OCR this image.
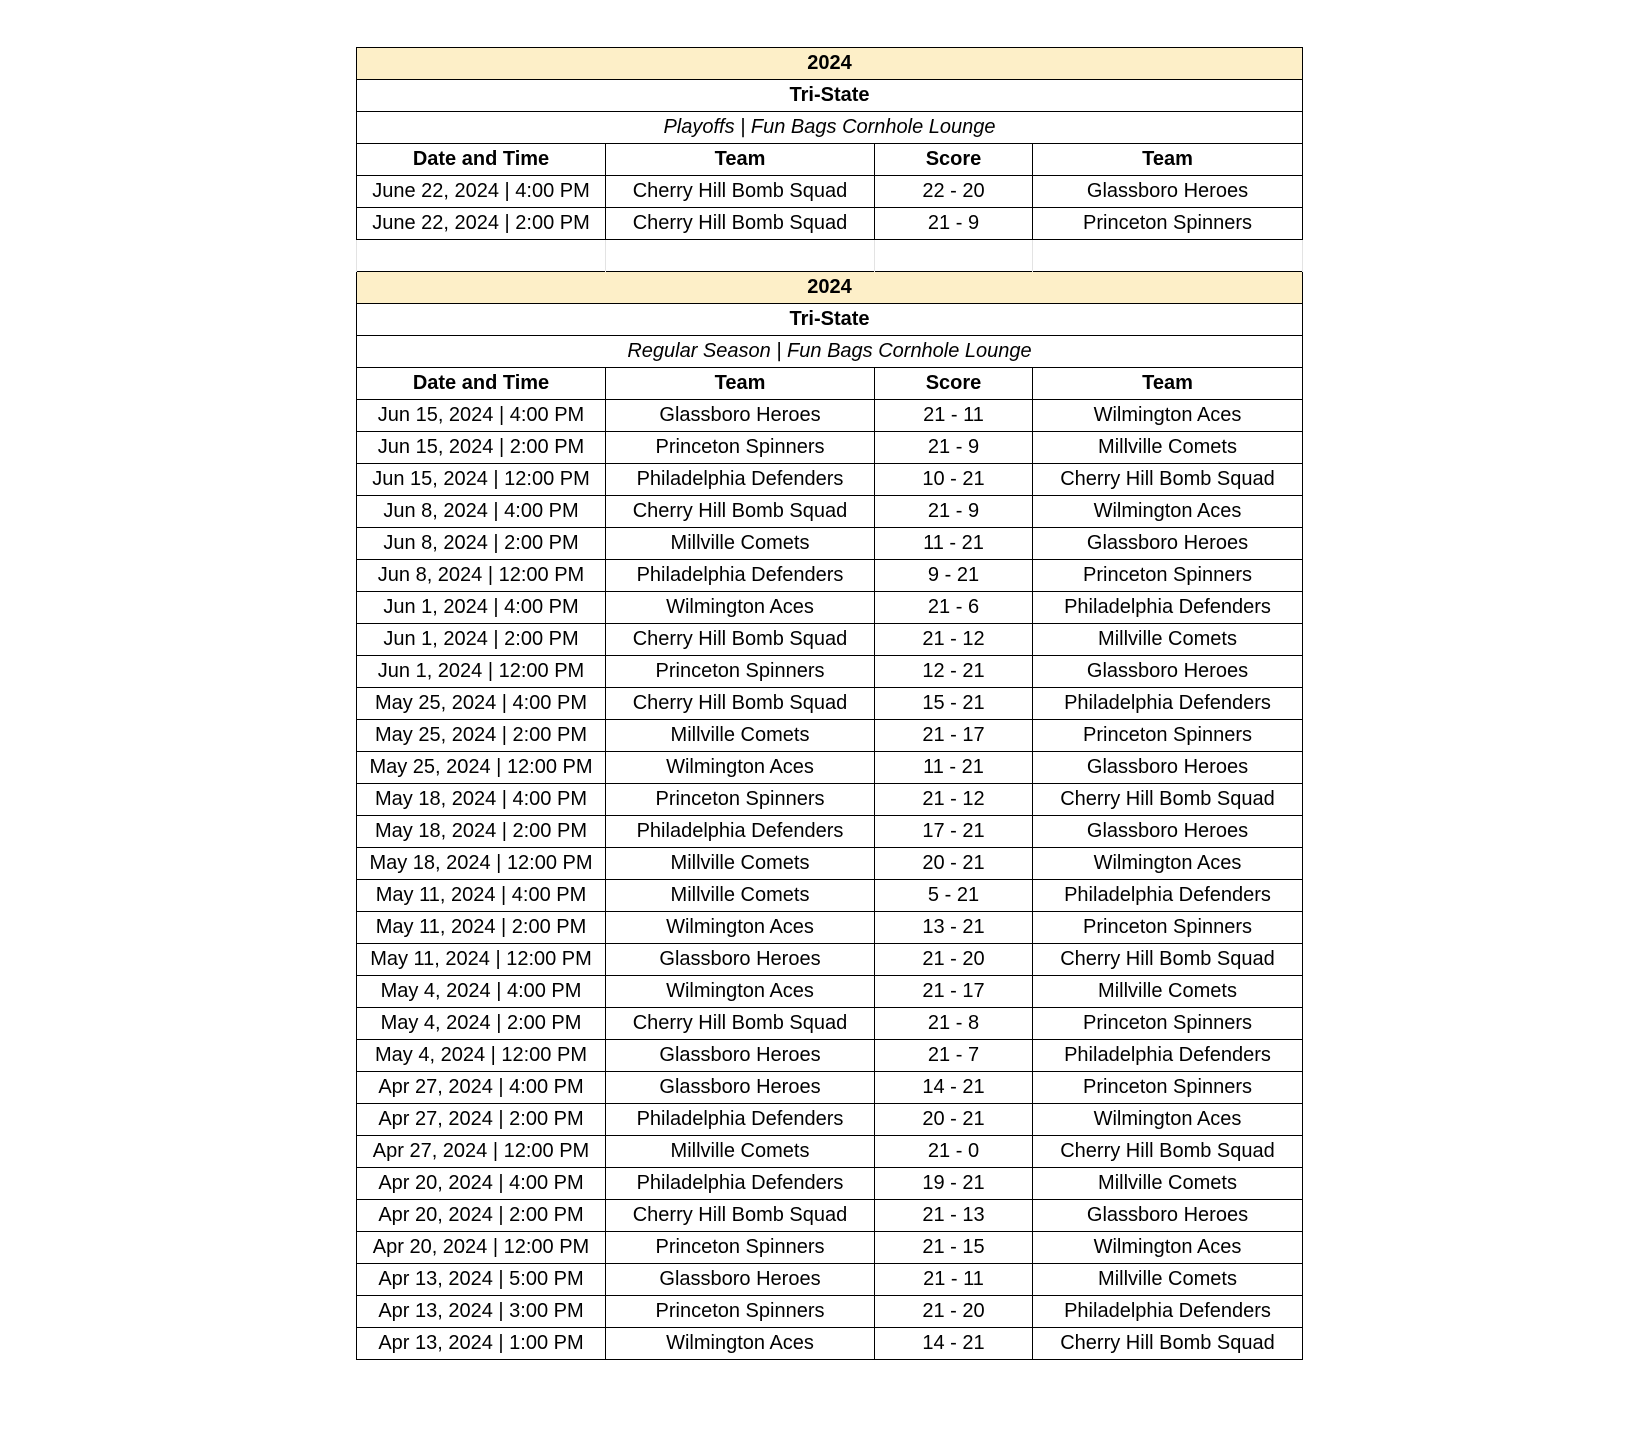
2024			
Tri-State			
Playoffs | Fun Bags Cornhole Lounge			
Date and Time	Team	Score	Team
June 22, 2024 | 4:00 PM	Cherry Hill Bomb Squad	22 - 20	Glassboro Heroes
June 22, 2024 | 2:00 PM	Cherry Hill Bomb Squad	21 - 9	Princeton Spinners

2024			
Tri-State			
Regular Season | Fun Bags Cornhole Lounge			
Date and Time	Team	Score	Team
Jun 15, 2024 | 4:00 PM	Glassboro Heroes	21 - 11	Wilmington Aces
Jun 15, 2024 | 2:00 PM	Princeton Spinners	21 - 9	Millville Comets
Jun 15, 2024 | 12:00 PM	Philadelphia Defenders	10 - 21	Cherry Hill Bomb Squad
Jun 8, 2024 | 4:00 PM	Cherry Hill Bomb Squad	21 - 9	Wilmington Aces
Jun 8, 2024 | 2:00 PM	Millville Comets	11 - 21	Glassboro Heroes
Jun 8, 2024 | 12:00 PM	Philadelphia Defenders	9 - 21	Princeton Spinners
Jun 1, 2024 | 4:00 PM	Wilmington Aces	21 - 6	Philadelphia Defenders
Jun 1, 2024 | 2:00 PM	Cherry Hill Bomb Squad	21 - 12	Millville Comets
Jun 1, 2024 | 12:00 PM	Princeton Spinners	12 - 21	Glassboro Heroes
May 25, 2024 | 4:00 PM	Cherry Hill Bomb Squad	15 - 21	Philadelphia Defenders
May 25, 2024 | 2:00 PM	Millville Comets	21 - 17	Princeton Spinners
May 25, 2024 | 12:00 PM	Wilmington Aces	11 - 21	Glassboro Heroes
May 18, 2024 | 4:00 PM	Princeton Spinners	21 - 12	Cherry Hill Bomb Squad
May 18, 2024 | 2:00 PM	Philadelphia Defenders	17 - 21	Glassboro Heroes
May 18, 2024 | 12:00 PM	Millville Comets	20 - 21	Wilmington Aces
May 11, 2024 | 4:00 PM	Millville Comets	5 - 21	Philadelphia Defenders
May 11, 2024 | 2:00 PM	Wilmington Aces	13 - 21	Princeton Spinners
May 11, 2024 | 12:00 PM	Glassboro Heroes	21 - 20	Cherry Hill Bomb Squad
May 4, 2024 | 4:00 PM	Wilmington Aces	21 - 17	Millville Comets
May 4, 2024 | 2:00 PM	Cherry Hill Bomb Squad	21 - 8	Princeton Spinners
May 4, 2024 | 12:00 PM	Glassboro Heroes	21 - 7	Philadelphia Defenders
Apr 27, 2024 | 4:00 PM	Glassboro Heroes	14 - 21	Princeton Spinners
Apr 27, 2024 | 2:00 PM	Philadelphia Defenders	20 - 21	Wilmington Aces
Apr 27, 2024 | 12:00 PM	Millville Comets	21 - 0	Cherry Hill Bomb Squad
Apr 20, 2024 | 4:00 PM	Philadelphia Defenders	19 - 21	Millville Comets
Apr 20, 2024 | 2:00 PM	Cherry Hill Bomb Squad	21 - 13	Glassboro Heroes
Apr 20, 2024 | 12:00 PM	Princeton Spinners	21 - 15	Wilmington Aces
Apr 13, 2024 | 5:00 PM	Glassboro Heroes	21 - 11	Millville Comets
Apr 13, 2024 | 3:00 PM	Princeton Spinners	21 - 20	Philadelphia Defenders
Apr 13, 2024 | 1:00 PM	Wilmington Aces	14 - 21	Cherry Hill Bomb Squad
